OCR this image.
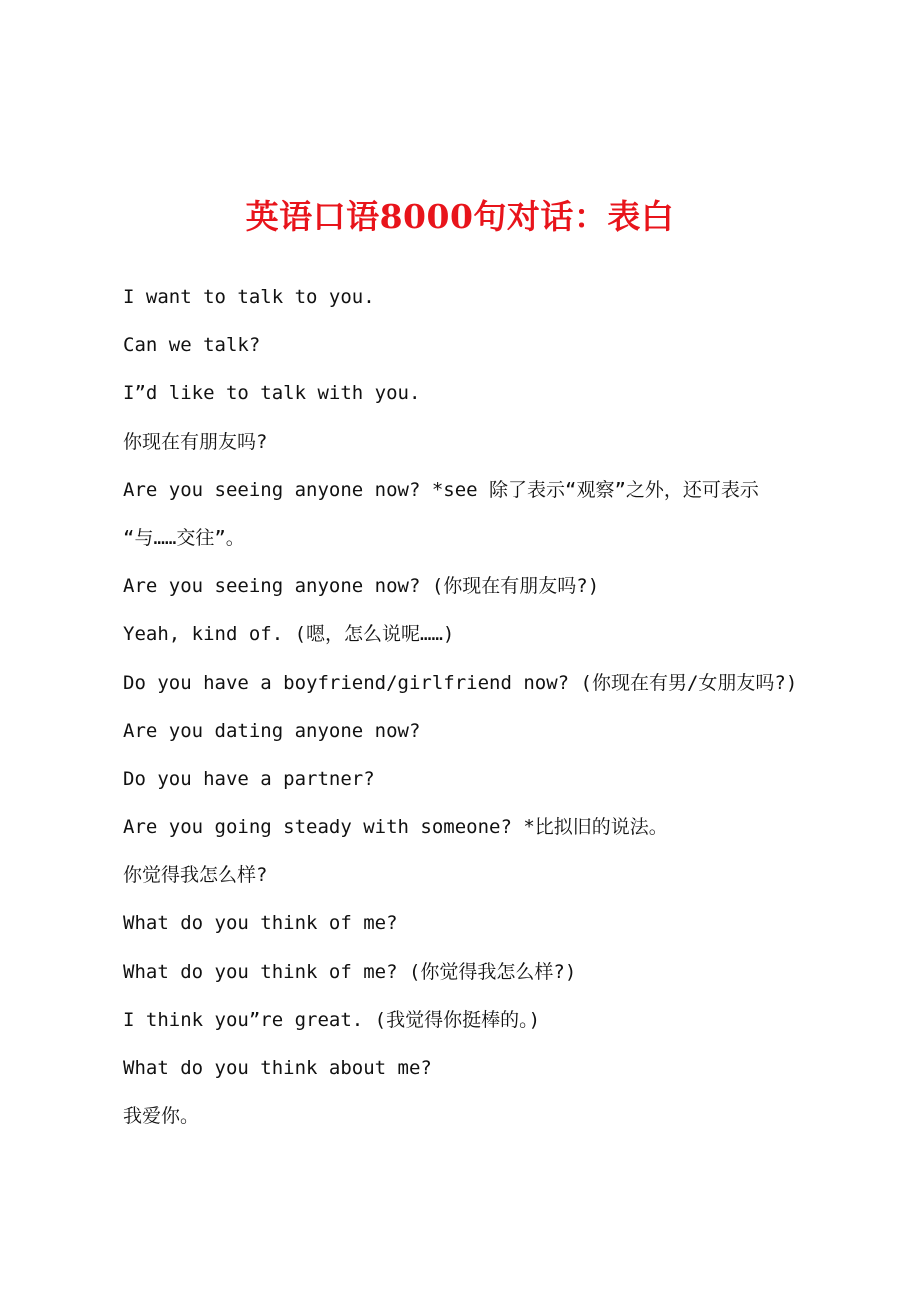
英语口语8000句对话：表白
I want to talk to you.
Can we talk?
I”d like to talk with you.
你现在有朋友吗?
Are you seeing anyone now? *see 除了表示“观察”之外，还可表示
“与……交往”。
Are you seeing anyone now? (你现在有朋友吗?)
Yeah, kind of. (嗯，怎么说呢……)
Do you have a boyfriend/girlfriend now? (你现在有男/女朋友吗?)
Are you dating anyone now?
Do you have a partner?
Are you going steady with someone? *比拟旧的说法。
你觉得我怎么样?
What do you think of me?
What do you think of me? (你觉得我怎么样?)
I think you”re great. (我觉得你挺棒的。)
What do you think about me?
我爱你。
